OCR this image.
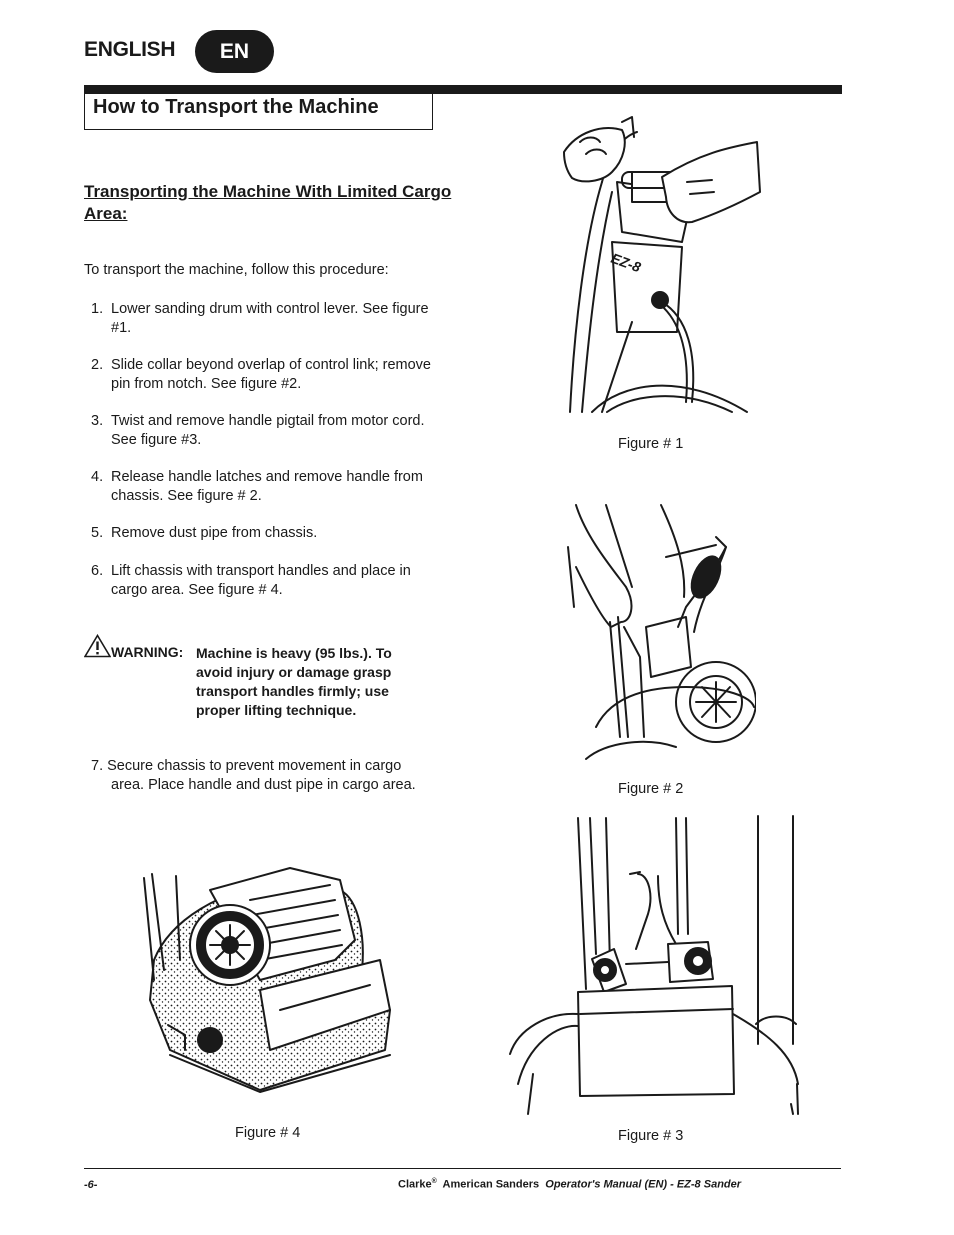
ENGLISH	EN
How to Transport the Machine
Transporting the Machine With Limited Cargo Area:
To transport the machine, follow this procedure:
1. Lower sanding drum with control lever. See figure
#1.
2. Slide collar beyond overlap of control link; remove
pin from notch. See figure #2.
3. Twist and remove handle pigtail from motor cord.
See figure #3.
4. Release handle latches and remove handle from
chassis. See figure # 2.
5. Remove dust pipe from chassis.
6. Lift chassis with transport handles and place in
cargo area. See figure # 4.
WARNING: Machine is heavy (95 lbs.). To
avoid injury or damage grasp
transport handles firmly; use
proper lifting technique.
7. Secure chassis to prevent movement in cargo
area. Place handle and dust pipe in cargo area.
EZ-8
Figure # 1
Figure # 2
Figure # 3
Figure # 4
-6-	Clarke® American Sanders Operator's Manual (EN) - EZ-8 Sander
